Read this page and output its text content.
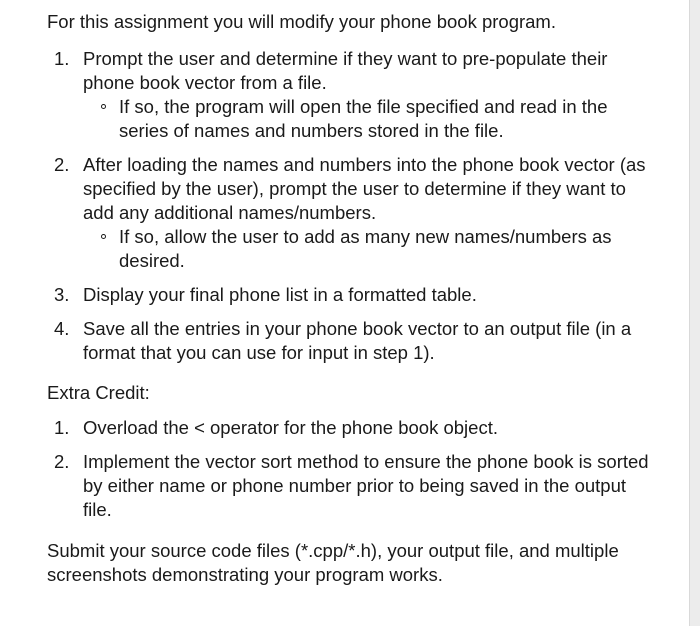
For this assignment you will modify your phone book program.

1. Prompt the user and determine if they want to pre-populate their phone book vector from a file.
If so, the program will open the file specified and read in the series of names and numbers stored in the file.
2. After loading the names and numbers into the phone book vector (as specified by the user), prompt the user to determine if they want to add any additional names/numbers.
If so, allow the user to add as many new names/numbers as desired.
3. Display your final phone list in a formatted table.
4. Save all the entries in your phone book vector to an output file (in a format that you can use for input in step 1).

Extra Credit:

1. Overload the < operator for the phone book object.
2. Implement the vector sort method to ensure the phone book is sorted by either name or phone number prior to being saved in the output file.

Submit your source code files (*.cpp/*.h), your output file, and multiple screenshots demonstrating your program works.
